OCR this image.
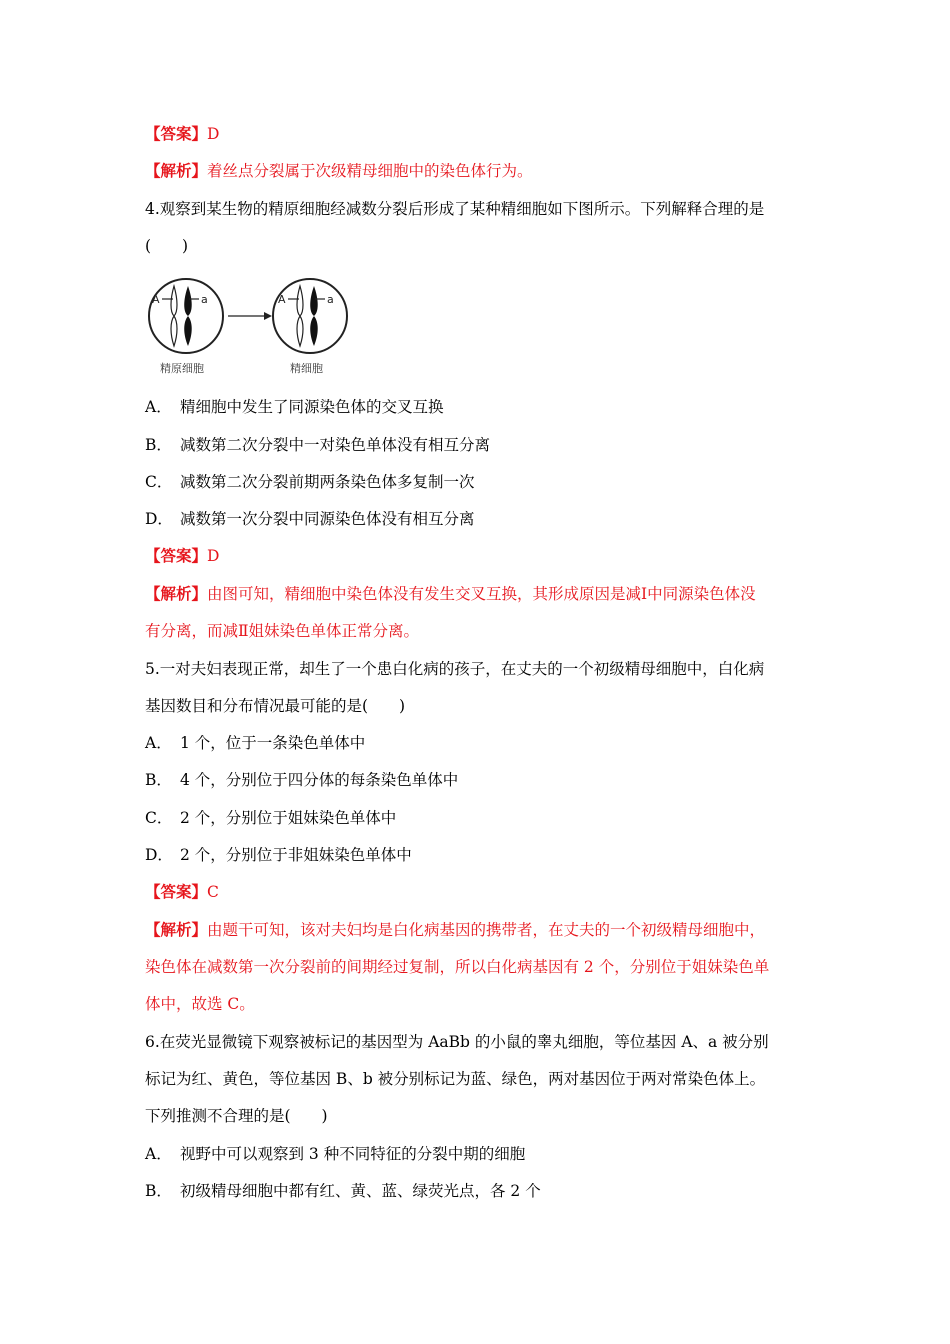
【答案】D
【解析】着丝点分裂属于次级精母细胞中的染色体行为。
4.观察到某生物的精原细胞经减数分裂后形成了某种精细胞如下图所示。下列解释合理的是
(　　)
A	a	A	a
精原细胞	精细胞
A． 精细胞中发生了同源染色体的交叉互换
B． 减数第二次分裂中一对染色单体没有相互分离
C． 减数第二次分裂前期两条染色体多复制一次
D． 减数第一次分裂中同源染色体没有相互分离
【答案】D
【解析】由图可知，精细胞中染色体没有发生交叉互换，其形成原因是减Ⅰ中同源染色体没
有分离，而减Ⅱ姐妹染色单体正常分离。
5.一对夫妇表现正常，却生了一个患白化病的孩子，在丈夫的一个初级精母细胞中，白化病
基因数目和分布情况最可能的是(　　)
A． 1 个，位于一条染色单体中
B． 4 个，分别位于四分体的每条染色单体中
C． 2 个，分别位于姐妹染色单体中
D． 2 个，分别位于非姐妹染色单体中
【答案】C
【解析】由题干可知，该对夫妇均是白化病基因的携带者，在丈夫的一个初级精母细胞中，
染色体在减数第一次分裂前的间期经过复制，所以白化病基因有 2 个，分别位于姐妹染色单
体中，故选 C。
6.在荧光显微镜下观察被标记的基因型为 AaBb 的小鼠的睾丸细胞，等位基因 A、a 被分别
标记为红、黄色，等位基因 B、b 被分别标记为蓝、绿色，两对基因位于两对常染色体上。
下列推测不合理的是(　　)
A． 视野中可以观察到 3 种不同特征的分裂中期的细胞
B． 初级精母细胞中都有红、黄、蓝、绿荧光点，各 2 个
